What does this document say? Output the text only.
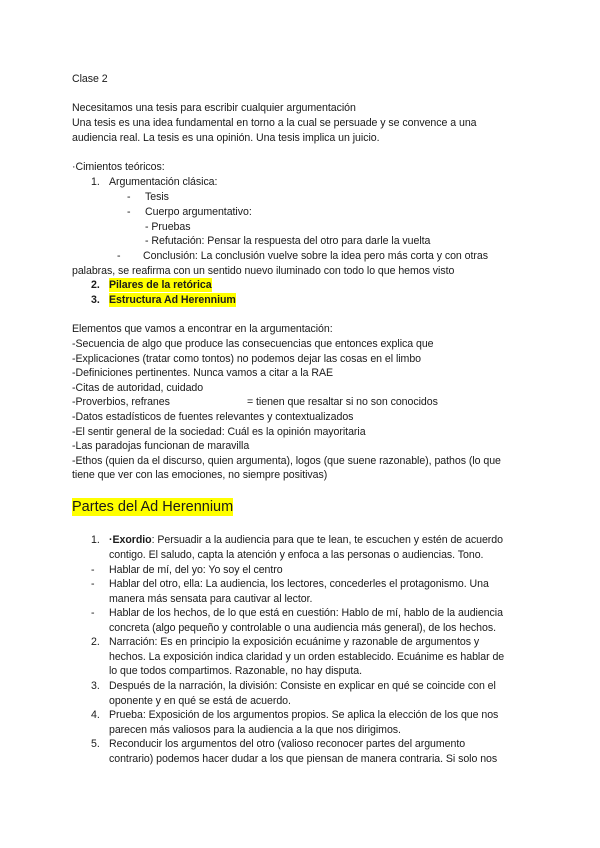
Clase 2
Necesitamos una tesis para escribir cualquier argumentación
Una tesis es una idea fundamental en torno a la cual se persuade y se convence a una
audiencia real. La tesis es una opinión. Una tesis implica un juicio.
·Cimientos teóricos:
1. Argumentación clásica:
- Tesis
- Cuerpo argumentativo:
- Pruebas
- Refutación: Pensar la respuesta del otro para darle la vuelta
- Conclusión: La conclusión vuelve sobre la idea pero más corta y con otras
palabras, se reafirma con un sentido nuevo iluminado con todo lo que hemos visto
2. Pilares de la retórica
3. Estructura Ad Herennium
Elementos que vamos a encontrar en la argumentación:
-Secuencia de algo que produce las consecuencias que entonces explica que
-Explicaciones (tratar como tontos) no podemos dejar las cosas en el limbo
-Definiciones pertinentes. Nunca vamos a citar a la RAE
-Citas de autoridad, cuidado
-Proverbios, refranes	= tienen que resaltar si no son conocidos
-Datos estadísticos de fuentes relevantes y contextualizados
-El sentir general de la sociedad: Cuál es la opinión mayoritaria
-Las paradojas funcionan de maravilla
-Ethos (quien da el discurso, quien argumenta), logos (que suene razonable), pathos (lo que
tiene que ver con las emociones, no siempre positivas)
Partes del Ad Herennium
1. ·Exordio: Persuadir a la audiencia para que te lean, te escuchen y estén de acuerdo
contigo. El saludo, capta la atención y enfoca a las personas o audiencias. Tono.
- Hablar de mí, del yo: Yo soy el centro
- Hablar del otro, ella: La audiencia, los lectores, concederles el protagonismo. Una
manera más sensata para cautivar al lector.
- Hablar de los hechos, de lo que está en cuestión: Hablo de mí, hablo de la audiencia
concreta (algo pequeño y controlable o una audiencia más general), de los hechos.
2. Narración: Es en principio la exposición ecuánime y razonable de argumentos y
hechos. La exposición indica claridad y un orden establecido. Ecuánime es hablar de
lo que todos compartimos. Razonable, no hay disputa.
3. Después de la narración, la división: Consiste en explicar en qué se coincide con el
oponente y en qué se está de acuerdo.
4. Prueba: Exposición de los argumentos propios. Se aplica la elección de los que nos
parecen más valiosos para la audiencia a la que nos dirigimos.
5. Reconducir los argumentos del otro (valioso reconocer partes del argumento
contrario) podemos hacer dudar a los que piensan de manera contraria. Si solo nos
